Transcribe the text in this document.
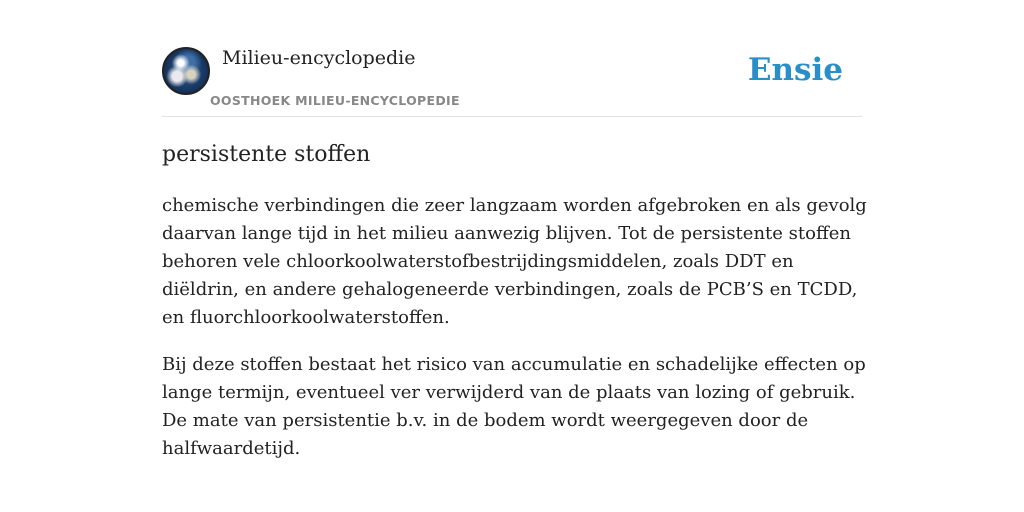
Milieu-encyclopedie
OOSTHOEK MILIEU-ENCYCLOPEDIE
Ensie
persistente stoffen

chemische verbindingen die zeer langzaam worden afgebroken en als gevolg daarvan lange tijd in het milieu aanwezig blijven. Tot de persistente stoffen behoren vele chloorkoolwaterstofbestrijdingsmiddelen, zoals DDT en diëldrin, en andere gehalogeneerde verbindingen, zoals de PCB’S en TCDD, en fluorchloorkoolwaterstoffen.

Bij deze stoffen bestaat het risico van accumulatie en schadelijke effecten op lange termijn, eventueel ver verwijderd van de plaats van lozing of gebruik. De mate van persistentie b.v. in de bodem wordt weergegeven door de halfwaardetijd.
